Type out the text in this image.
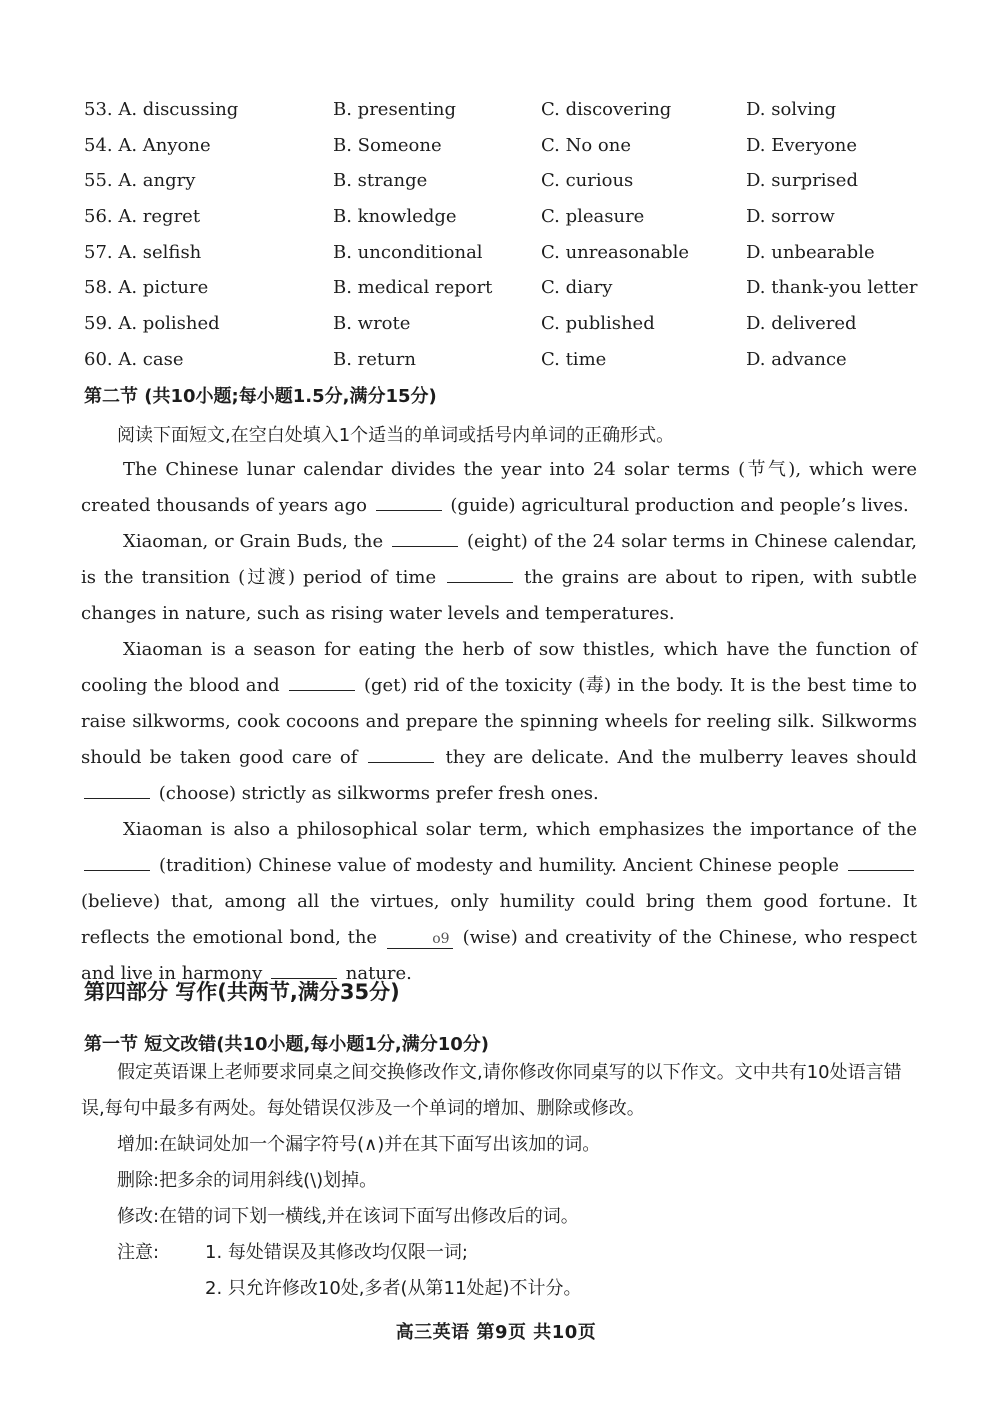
53. A. discussing	B. presenting	C. discovering	D. solving
54. A. Anyone	B. Someone	C. No one	D. Everyone
55. A. angry	B. strange	C. curious	D. surprised
56. A. regret	B. knowledge	C. pleasure	D. sorrow
57. A. selfish	B. unconditional	C. unreasonable	D. unbearable
58. A. picture	B. medical report	C. diary	D. thank-you letter
59. A. polished	B. wrote	C. published	D. delivered
60. A. case	B. return	C. time	D. advance
第二节 (共10小题;每小题1.5分,满分15分)

阅读下面短文,在空白处填入1个适当的单词或括号内单词的正确形式。

The Chinese lunar calendar divides the year into 24 solar terms (节气), which were created thousands of years ago	(guide) agricultural production and people’s lives.

Xiaoman, or Grain Buds, the	(eight) of the 24 solar terms in Chinese calendar, is the transition (过渡) period of time	the grains are about to ripen, with subtle changes in nature, such as rising water levels and temperatures.

Xiaoman is a season for eating the herb of sow thistles, which have the function of cooling the blood and	(get) rid of the toxicity (毒) in the body. It is the best time to raise silkworms, cook cocoons and prepare the spinning wheels for reeling silk. Silkworms should be taken good care of	they are delicate. And the mulberry leaves should  (choose) strictly as silkworms prefer fresh ones.

Xiaoman is also a philosophical solar term, which emphasizes the importance of the  (tradition) Chinese value of modesty and humility. Ancient Chinese people  (believe) that, among all the virtues, only humility could bring them good fortune. It reflects the emotional bond, the	o9 (wise) and creativity of the Chinese, who respect and live in harmony	nature.

第四部分 写作(共两节,满分35分)
第一节 短文改错(共10小题,每小题1分,满分10分)

假定英语课上老师要求同桌之间交换修改作文,请你修改你同桌写的以下作文。文中共有10处语言错误,每句中最多有两处。每处错误仅涉及一个单词的增加、删除或修改。

增加:在缺词处加一个漏字符号(∧)并在其下面写出该加的词。

删除:把多余的词用斜线(\)划掉。

修改:在错的词下划一横线,并在该词下面写出修改后的词。

注意:	1. 每处错误及其修改均仅限一词;
2. 只允许修改10处,多者(从第11处起)不计分。
高三英语 第9页 共10页
